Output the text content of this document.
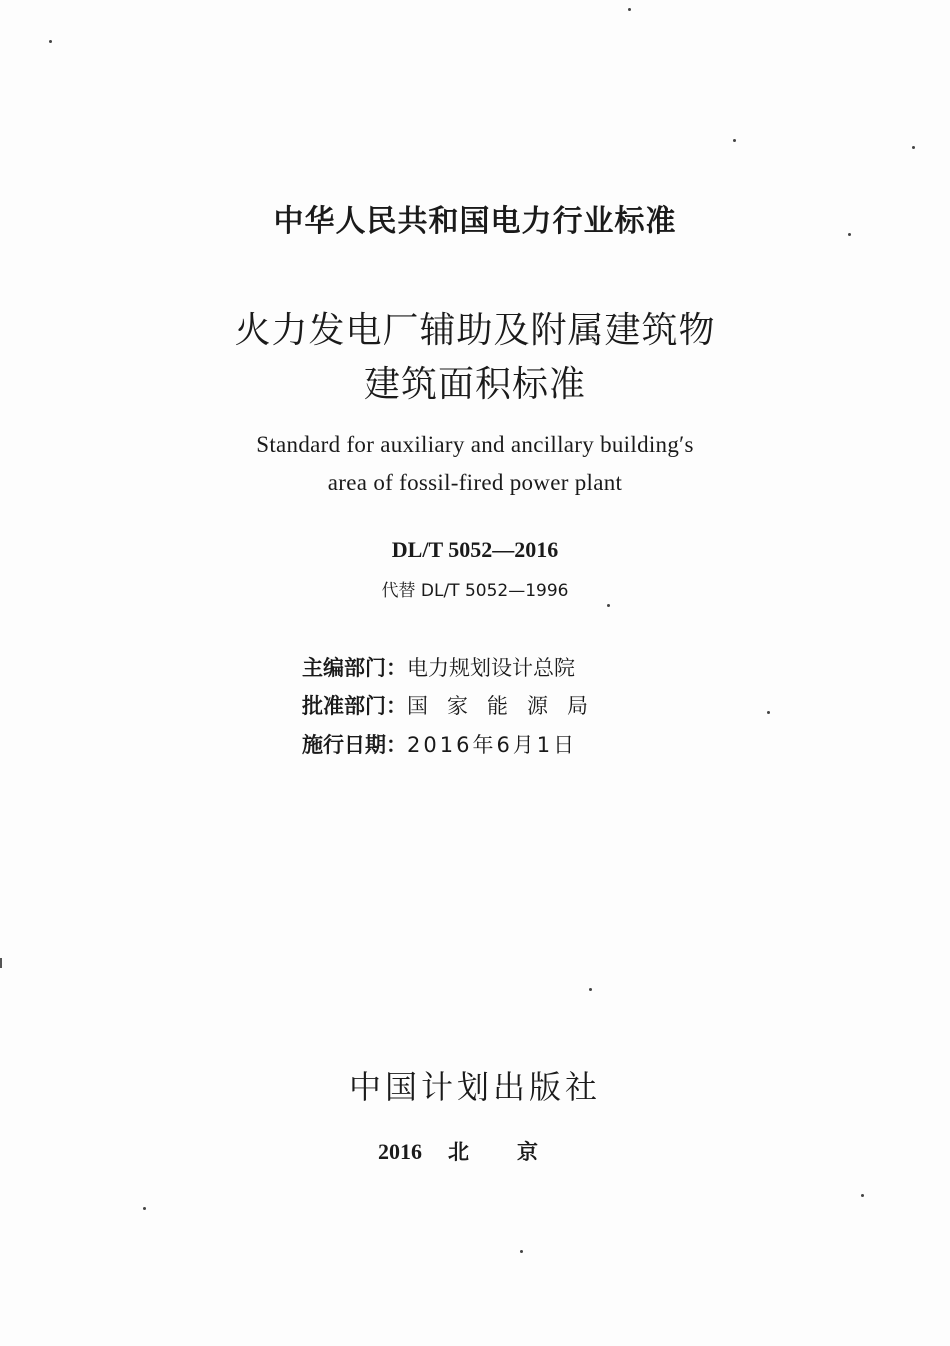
中华人民共和国电力行业标准
火力发电厂辅助及附属建筑物
建筑面积标准
Standard for auxiliary and ancillary building′s
area of fossil-fired power plant
DL/T 5052—2016
代替 DL/T 5052—1996
主编部门：电力规划设计总院
批准部门：国家能源局
施行日期：2016年6月1日
中国计划出版社
2016 北京
